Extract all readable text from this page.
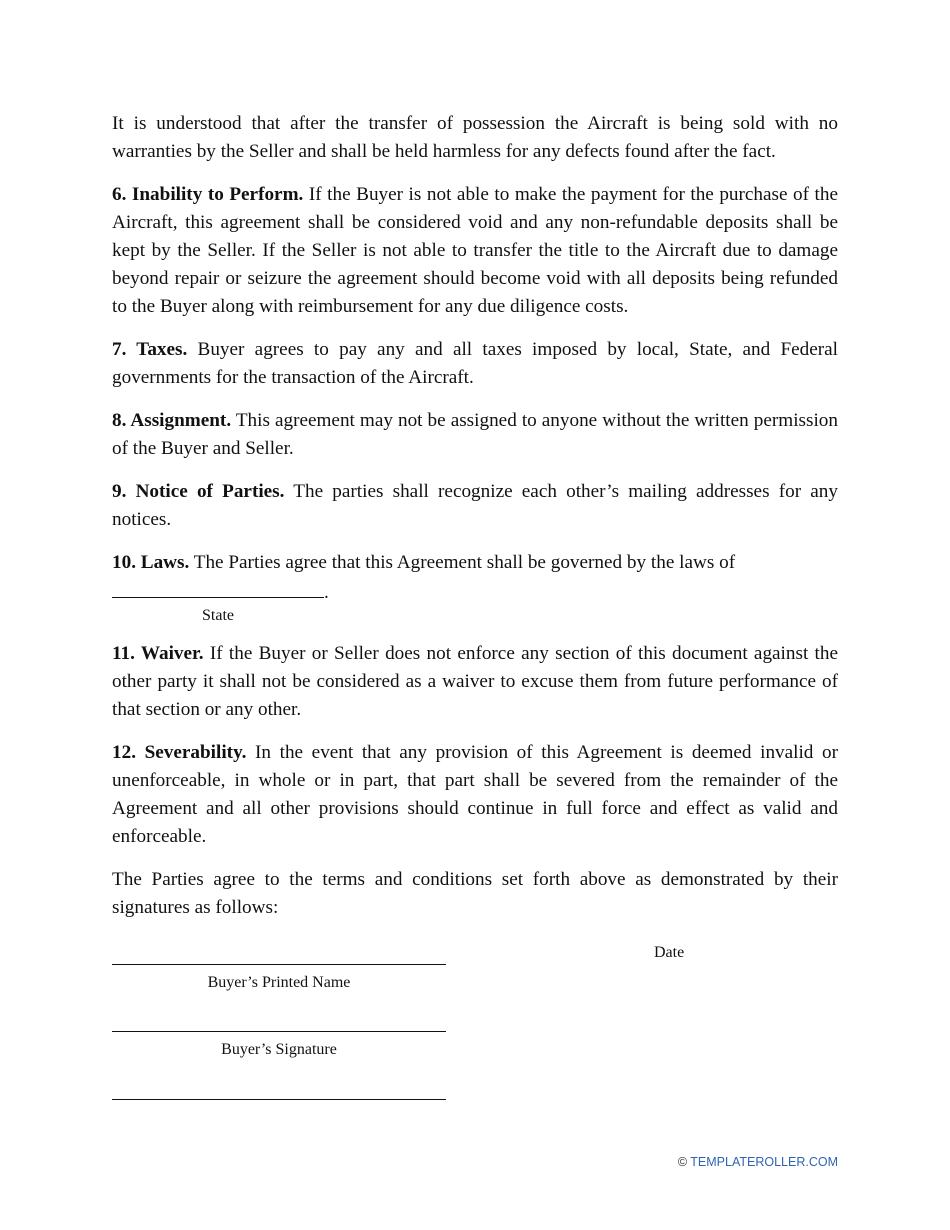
It is understood that after the transfer of possession the Aircraft is being sold with no warranties by the Seller and shall be held harmless for any defects found after the fact.

6. Inability to Perform. If the Buyer is not able to make the payment for the purchase of the Aircraft, this agreement shall be considered void and any non-refundable deposits shall be kept by the Seller. If the Seller is not able to transfer the title to the Aircraft due to damage beyond repair or seizure the agreement should become void with all deposits being refunded to the Buyer along with reimbursement for any due diligence costs.

7. Taxes. Buyer agrees to pay any and all taxes imposed by local, State, and Federal governments for the transaction of the Aircraft.

8. Assignment. This agreement may not be assigned to anyone without the written permission of the Buyer and Seller.

9. Notice of Parties. The parties shall recognize each other’s mailing addresses for any notices.

10. Laws. The Parties agree that this Agreement shall be governed by the laws of

.
State

11. Waiver. If the Buyer or Seller does not enforce any section of this document against the other party it shall not be considered as a waiver to excuse them from future performance of that section or any other.

12. Severability. In the event that any provision of this Agreement is deemed invalid or unenforceable, in whole or in part, that part shall be severed from the remainder of the Agreement and all other provisions should continue in full force and effect as valid and enforceable.

The Parties agree to the terms and conditions set forth above as demonstrated by their signatures as follows:

Buyer’s Printed Name
Date
Buyer’s Signature
© TEMPLATEROLLER.COM
